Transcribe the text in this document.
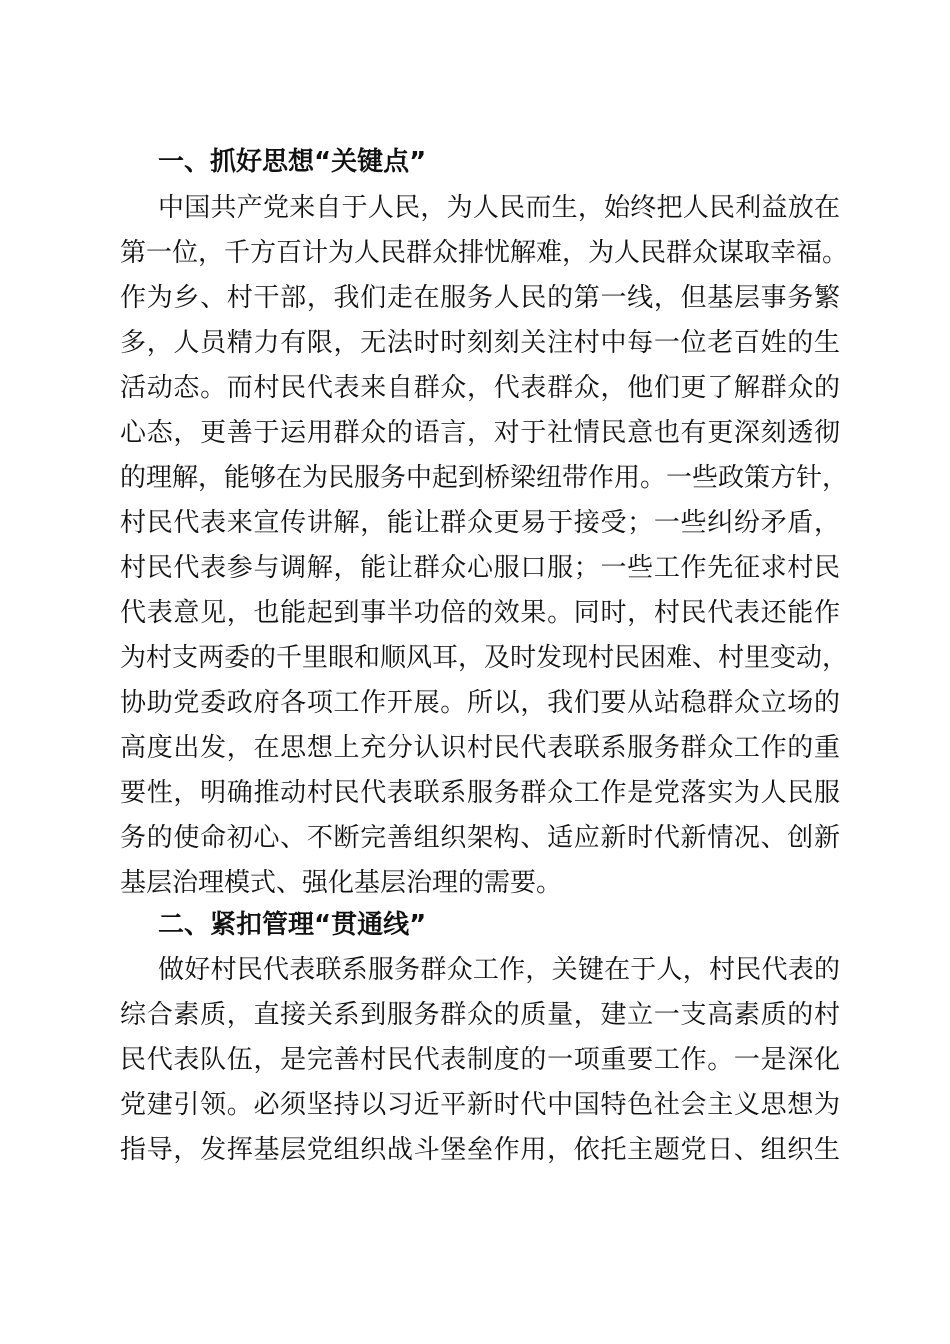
一、抓好思想“关键点”
中国共产党来自于人民，为人民而生，始终把人民利益放在
第一位，千方百计为人民群众排忧解难，为人民群众谋取幸福。
作为乡、村干部，我们走在服务人民的第一线，但基层事务繁
多，人员精力有限，无法时时刻刻关注村中每一位老百姓的生
活动态。而村民代表来自群众，代表群众，他们更了解群众的
心态，更善于运用群众的语言，对于社情民意也有更深刻透彻
的理解，能够在为民服务中起到桥梁纽带作用。一些政策方针，
村民代表来宣传讲解，能让群众更易于接受；一些纠纷矛盾，
村民代表参与调解，能让群众心服口服；一些工作先征求村民
代表意见，也能起到事半功倍的效果。同时，村民代表还能作
为村支两委的千里眼和顺风耳，及时发现村民困难、村里变动，
协助党委政府各项工作开展。所以，我们要从站稳群众立场的
高度出发，在思想上充分认识村民代表联系服务群众工作的重
要性，明确推动村民代表联系服务群众工作是党落实为人民服
务的使命初心、不断完善组织架构、适应新时代新情况、创新
基层治理模式、强化基层治理的需要。
二、紧扣管理“贯通线”
做好村民代表联系服务群众工作，关键在于人，村民代表的
综合素质，直接关系到服务群众的质量，建立一支高素质的村
民代表队伍，是完善村民代表制度的一项重要工作。一是深化
党建引领。必须坚持以习近平新时代中国特色社会主义思想为
指导，发挥基层党组织战斗堡垒作用，依托主题党日、组织生
